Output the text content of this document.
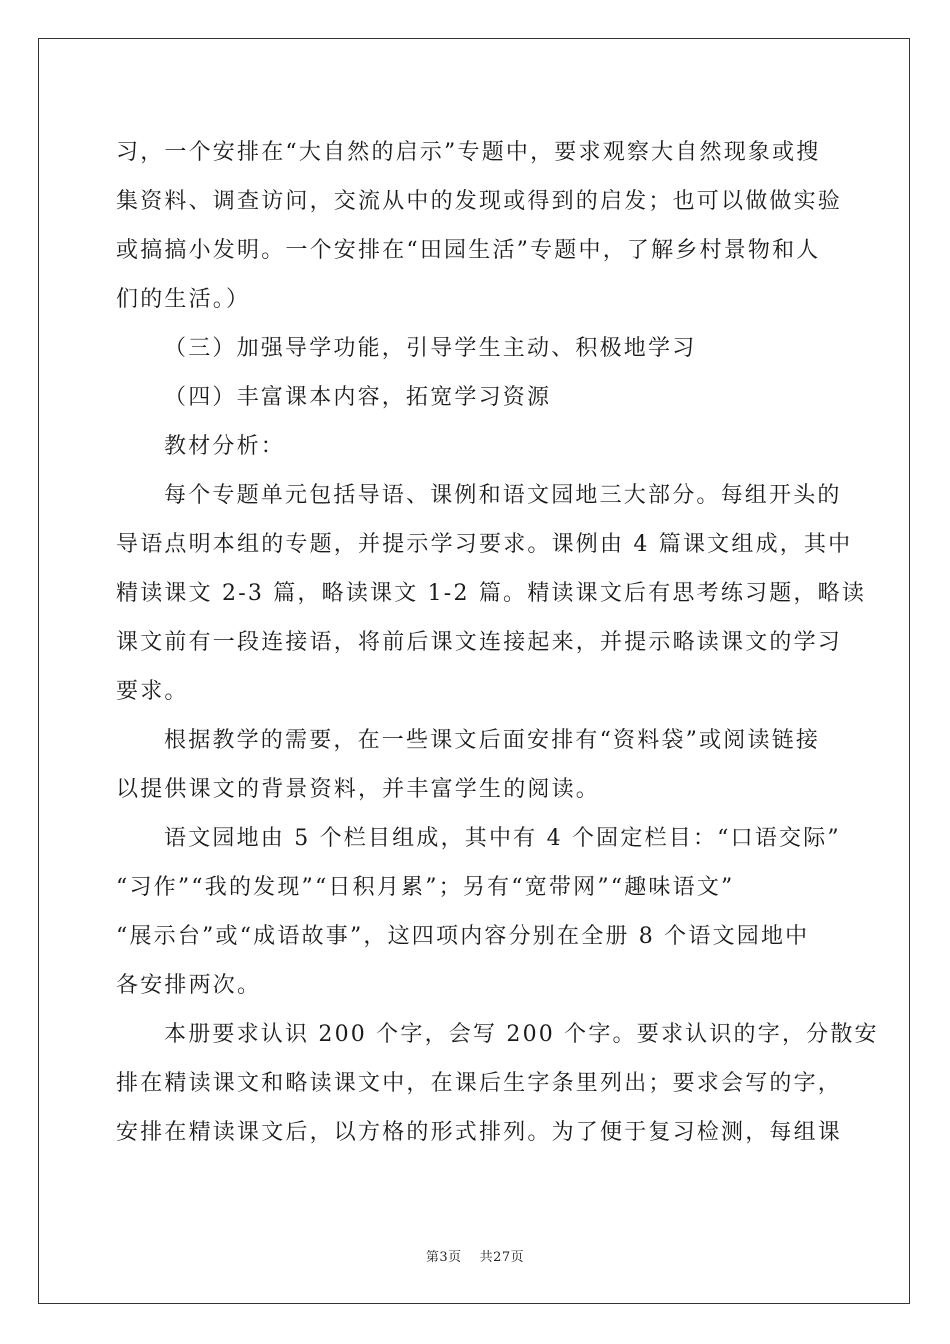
习，一个安排在“大自然的启示”专题中，要求观察大自然现象或搜
集资料、调查访问，交流从中的发现或得到的启发；也可以做做实验
或搞搞小发明。一个安排在“田园生活”专题中，了解乡村景物和人
们的生活。）
（三）加强导学功能，引导学生主动、积极地学习
（四）丰富课本内容，拓宽学习资源
教材分析：
每个专题单元包括导语、课例和语文园地三大部分。每组开头的
导语点明本组的专题，并提示学习要求。课例由 4 篇课文组成，其中
精读课文 2-3 篇，略读课文 1-2 篇。精读课文后有思考练习题，略读
课文前有一段连接语，将前后课文连接起来，并提示略读课文的学习
要求。
根据教学的需要，在一些课文后面安排有“资料袋”或阅读链接
以提供课文的背景资料，并丰富学生的阅读。
语文园地由 5 个栏目组成，其中有 4 个固定栏目：“口语交际”
“习作”“我的发现”“日积月累”；另有“宽带网”“趣味语文”
“展示台”或“成语故事”，这四项内容分别在全册 8 个语文园地中
各安排两次。
本册要求认识 200 个字，会写 200 个字。要求认识的字，分散安
排在精读课文和略读课文中，在课后生字条里列出；要求会写的字，
安排在精读课文后，以方格的形式排列。为了便于复习检测，每组课
第3页 共27页
